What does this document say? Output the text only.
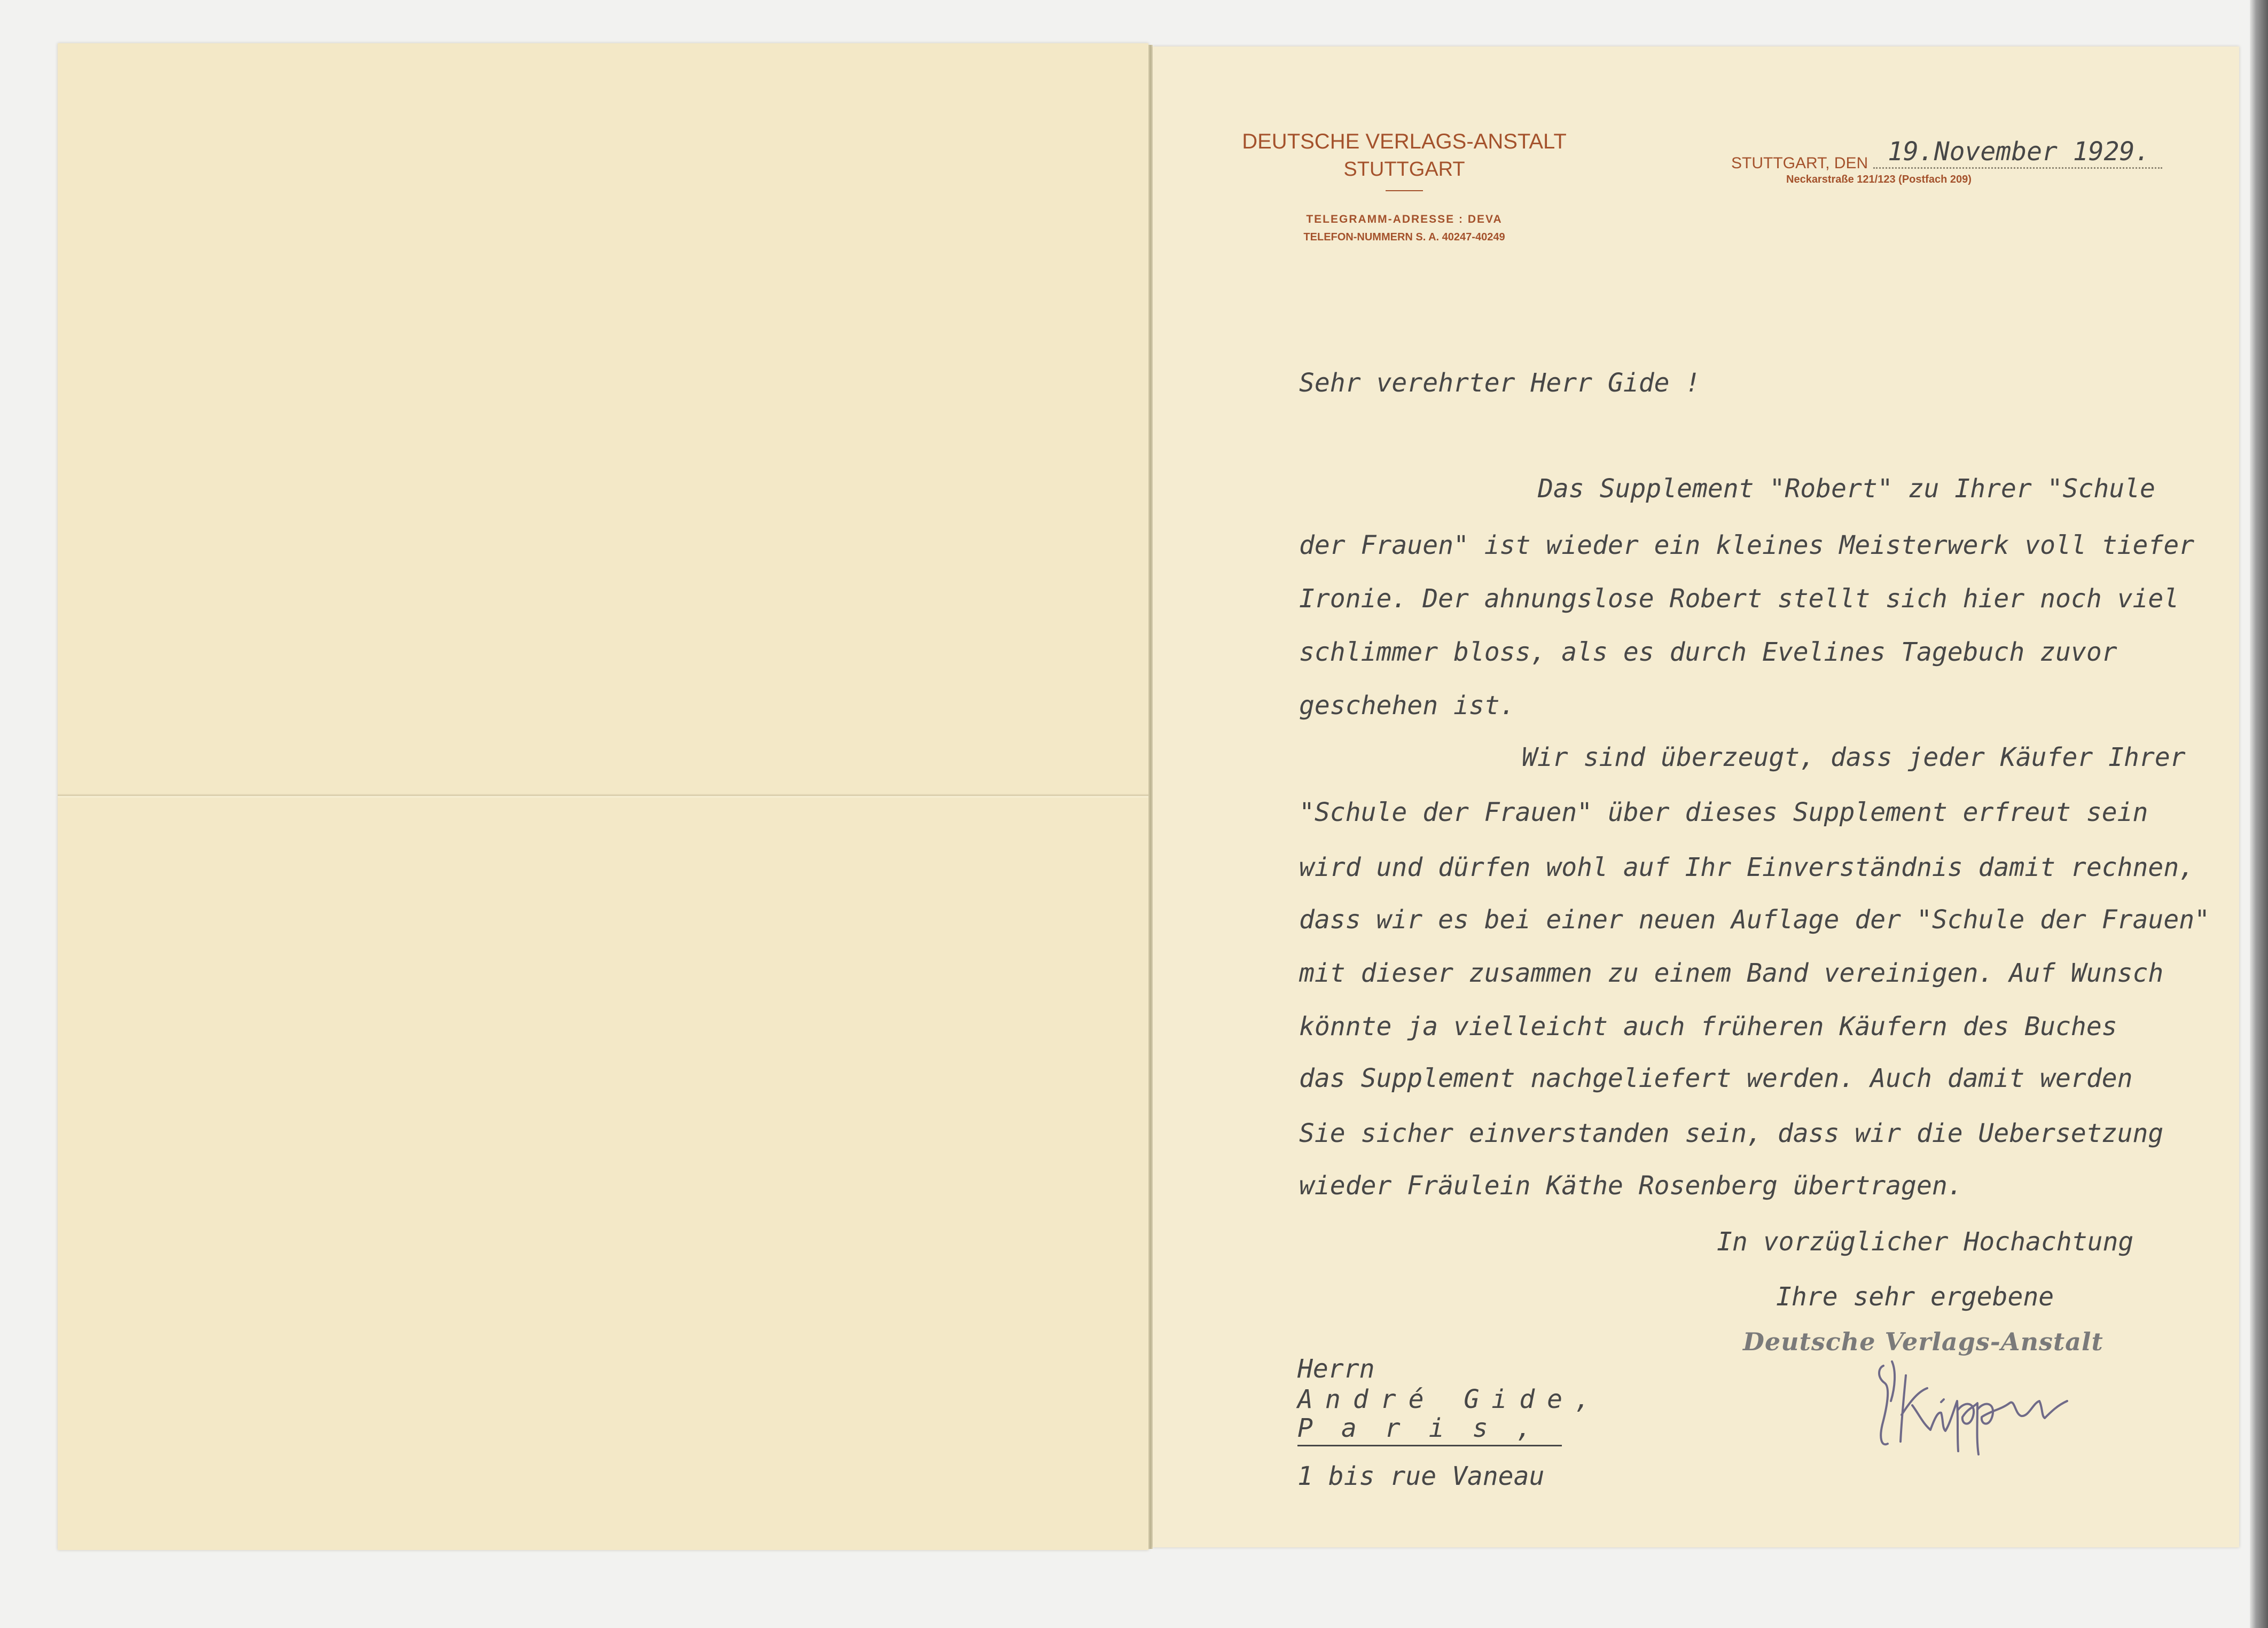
DEUTSCHE VERLAGS-ANSTALT
STUTTGART
TELEGRAMM-ADRESSE : DEVA
TELEFON-NUMMERN S. A. 40247-40249
STUTTGART, DEN 19.November 1929.
Neckarstraße 121/123 (Postfach 209)
Sehr verehrter Herr Gide !
Das Supplement "Robert" zu Ihrer "Schule
der Frauen" ist wieder ein kleines Meisterwerk voll tiefer
Ironie. Der ahnungslose Robert stellt sich hier noch viel
schlimmer bloss, als es durch Evelines Tagebuch zuvor
geschehen ist.
Wir sind überzeugt, dass jeder Käufer Ihrer
"Schule der Frauen" über dieses Supplement erfreut sein
wird und dürfen wohl auf Ihr Einverständnis damit rechnen,
dass wir es bei einer neuen Auflage der "Schule der Frauen"
mit dieser zusammen zu einem Band vereinigen. Auf Wunsch
könnte ja vielleicht auch früheren Käufern des Buches
das Supplement nachgeliefert werden. Auch damit werden
Sie sicher einverstanden sein, dass wir die Uebersetzung
wieder Fräulein Käthe Rosenberg übertragen.
In vorzüglicher Hochachtung
Ihre sehr ergebene
Deutsche Verlags-Anstalt
Herrn
André Gide,
Paris,
1 bis rue Vaneau
